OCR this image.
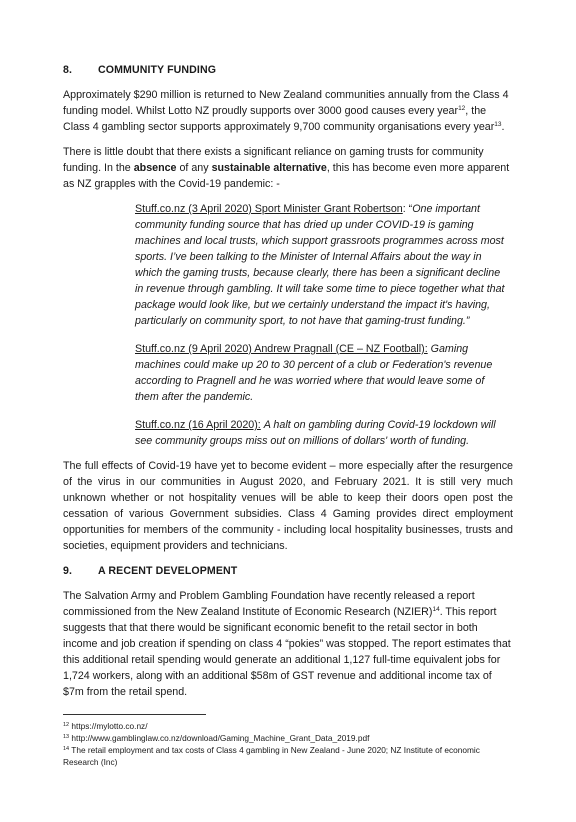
8. COMMUNITY FUNDING

Approximately $290 million is returned to New Zealand communities annually from the Class 4 funding model. Whilst Lotto NZ proudly supports over 3000 good causes every year$^{12}$, the Class 4 gambling sector supports approximately 9,700 community organisations every year$^{13}$.

There is little doubt that there exists a significant reliance on gaming trusts for community funding. In the absence of any sustainable alternative, this has become even more apparent as NZ grapples with the Covid-19 pandemic: -

Stuff.co.nz (3 April 2020) Sport Minister Grant Robertson: “One important community funding source that has dried up under COVID-19 is gaming machines and local trusts, which support grassroots programmes across most sports. I’ve been talking to the Minister of Internal Affairs about the way in which the gaming trusts, because clearly, there has been a significant decline in revenue through gambling. It will take some time to piece together what that package would look like, but we certainly understand the impact it's having, particularly on community sport, to not have that gaming-trust funding.”

Stuff.co.nz (9 April 2020) Andrew Pragnall (CE – NZ Football): Gaming machines could make up 20 to 30 percent of a club or Federation's revenue according to Pragnell and he was worried where that would leave some of them after the pandemic.

Stuff.co.nz (16 April 2020): A halt on gambling during Covid-19 lockdown will see community groups miss out on millions of dollars' worth of funding.

The full effects of Covid-19 have yet to become evident – more especially after the resurgence of the virus in our communities in August 2020, and February 2021. It is still very much unknown whether or not hospitality venues will be able to keep their doors open post the cessation of various Government subsidies. Class 4 Gaming provides direct employment opportunities for members of the community - including local hospitality businesses, trusts and societies, equipment providers and technicians.

9. A RECENT DEVELOPMENT

The Salvation Army and Problem Gambling Foundation have recently released a report commissioned from the New Zealand Institute of Economic Research (NZIER)$^{14}$. This report suggests that that there would be significant economic benefit to the retail sector in both income and job creation if spending on class 4 “pokies” was stopped. The report estimates that this additional retail spending would generate an additional 1,127 full-time equivalent jobs for 1,724 workers, along with an additional $58m of GST revenue and additional income tax of $7m from the retail spend.

$^{12}$ https://mylotto.co.nz/

$^{13}$ http://www.gamblinglaw.co.nz/download/Gaming_Machine_Grant_Data_2019.pdf

$^{14}$ The retail employment and tax costs of Class 4 gambling in New Zealand - June 2020; NZ Institute of economic Research (Inc)
